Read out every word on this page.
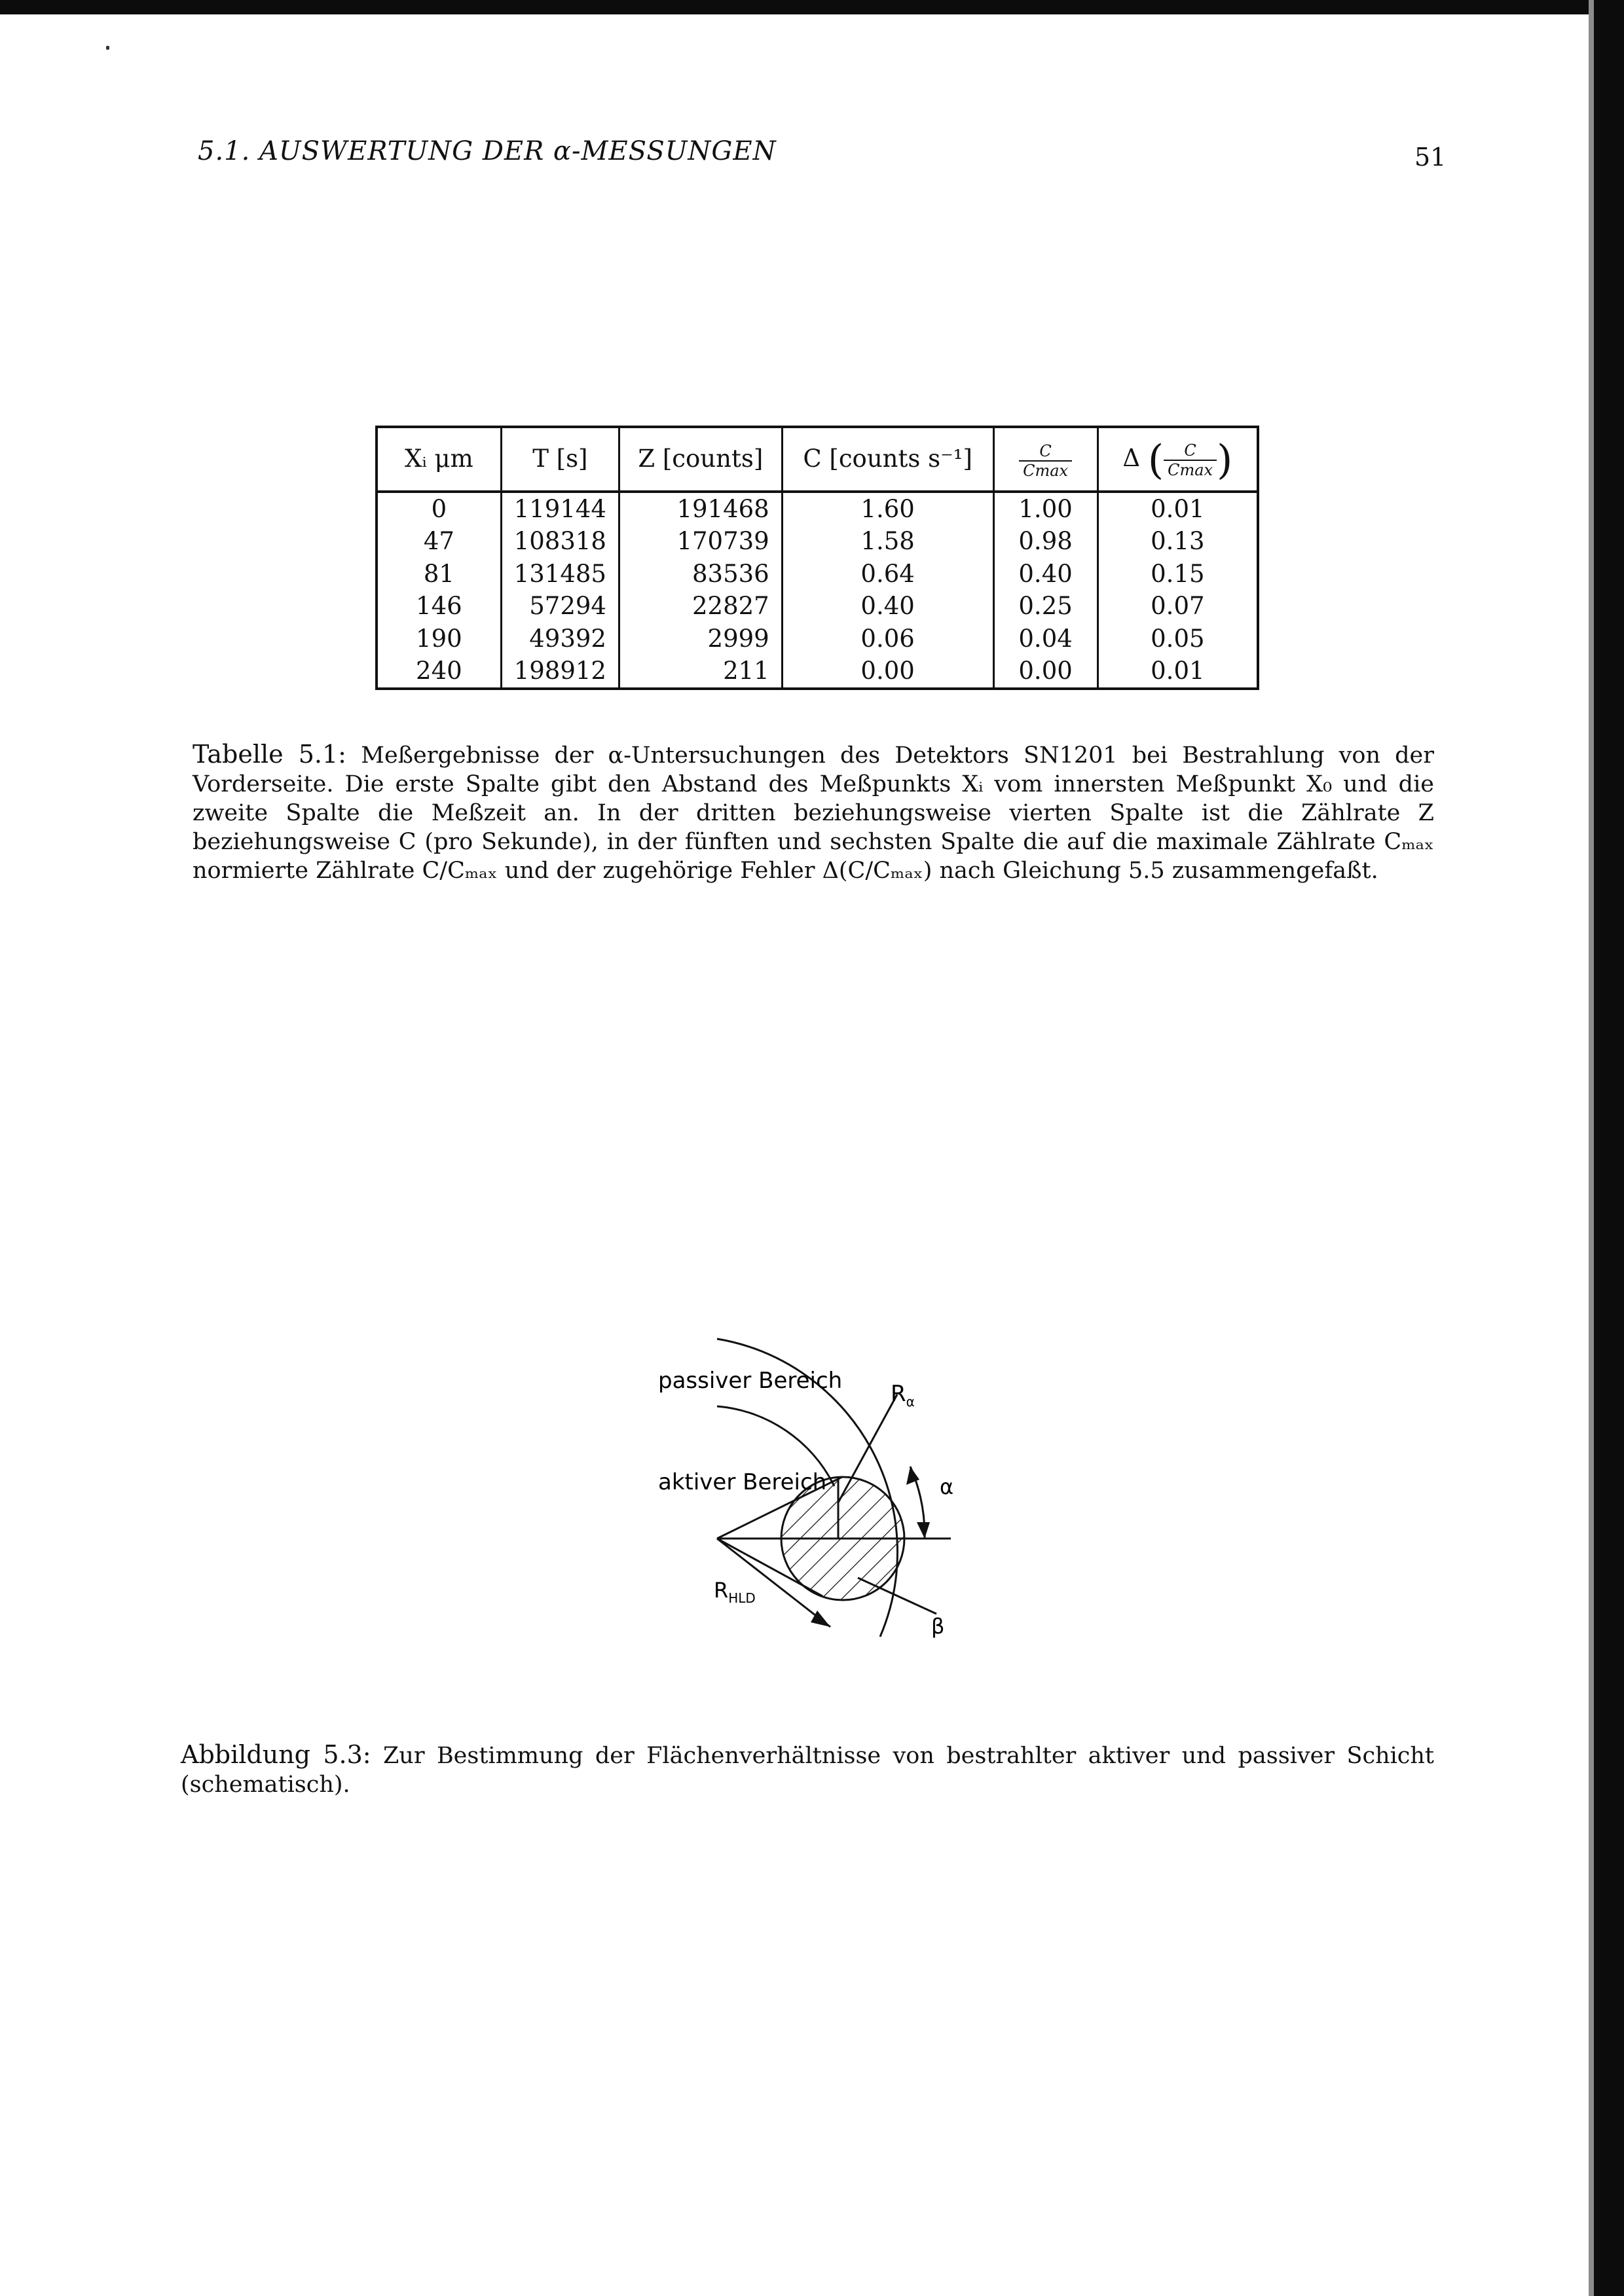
5.1. AUSWERTUNG DER α-MESSUNGEN	51
Xᵢ μm	T [s]	Z [counts]	C [counts s⁻¹]	$\frac{C}{Cmax}$	Δ ( $\frac{C}{Cmax}$ )
0	119144	191468	1.60	1.00	0.01
47	108318	170739	1.58	0.98	0.13
81	131485	83536	0.64	0.40	0.15
146	57294	22827	0.40	0.25	0.07
190	49392	2999	0.06	0.04	0.05
240	198912	211	0.00	0.00	0.01
Tabelle 5.1: Meßergebnisse der α-Untersuchungen des Detektors SN1201 bei Bestrahlung von der Vorderseite. Die erste Spalte gibt den Abstand des Meßpunkts Xᵢ vom innersten Meßpunkt X₀ und die zweite Spalte die Meßzeit an. In der dritten beziehungsweise vierten Spalte ist die Zählrate Z beziehungsweise C (pro Sekunde), in der fünften und sechsten Spalte die auf die maximale Zählrate Cₘₐₓ normierte Zählrate C/Cₘₐₓ und der zugehörige Fehler Δ(C/Cₘₐₓ) nach Gleichung 5.5 zusammengefaßt.
passiver Bereich
aktiver Bereich
$R_\alpha$
α
$R_{HLD}$
β
Abbildung 5.3: Zur Bestimmung der Flächenverhältnisse von bestrahlter aktiver und passiver Schicht (schematisch).
